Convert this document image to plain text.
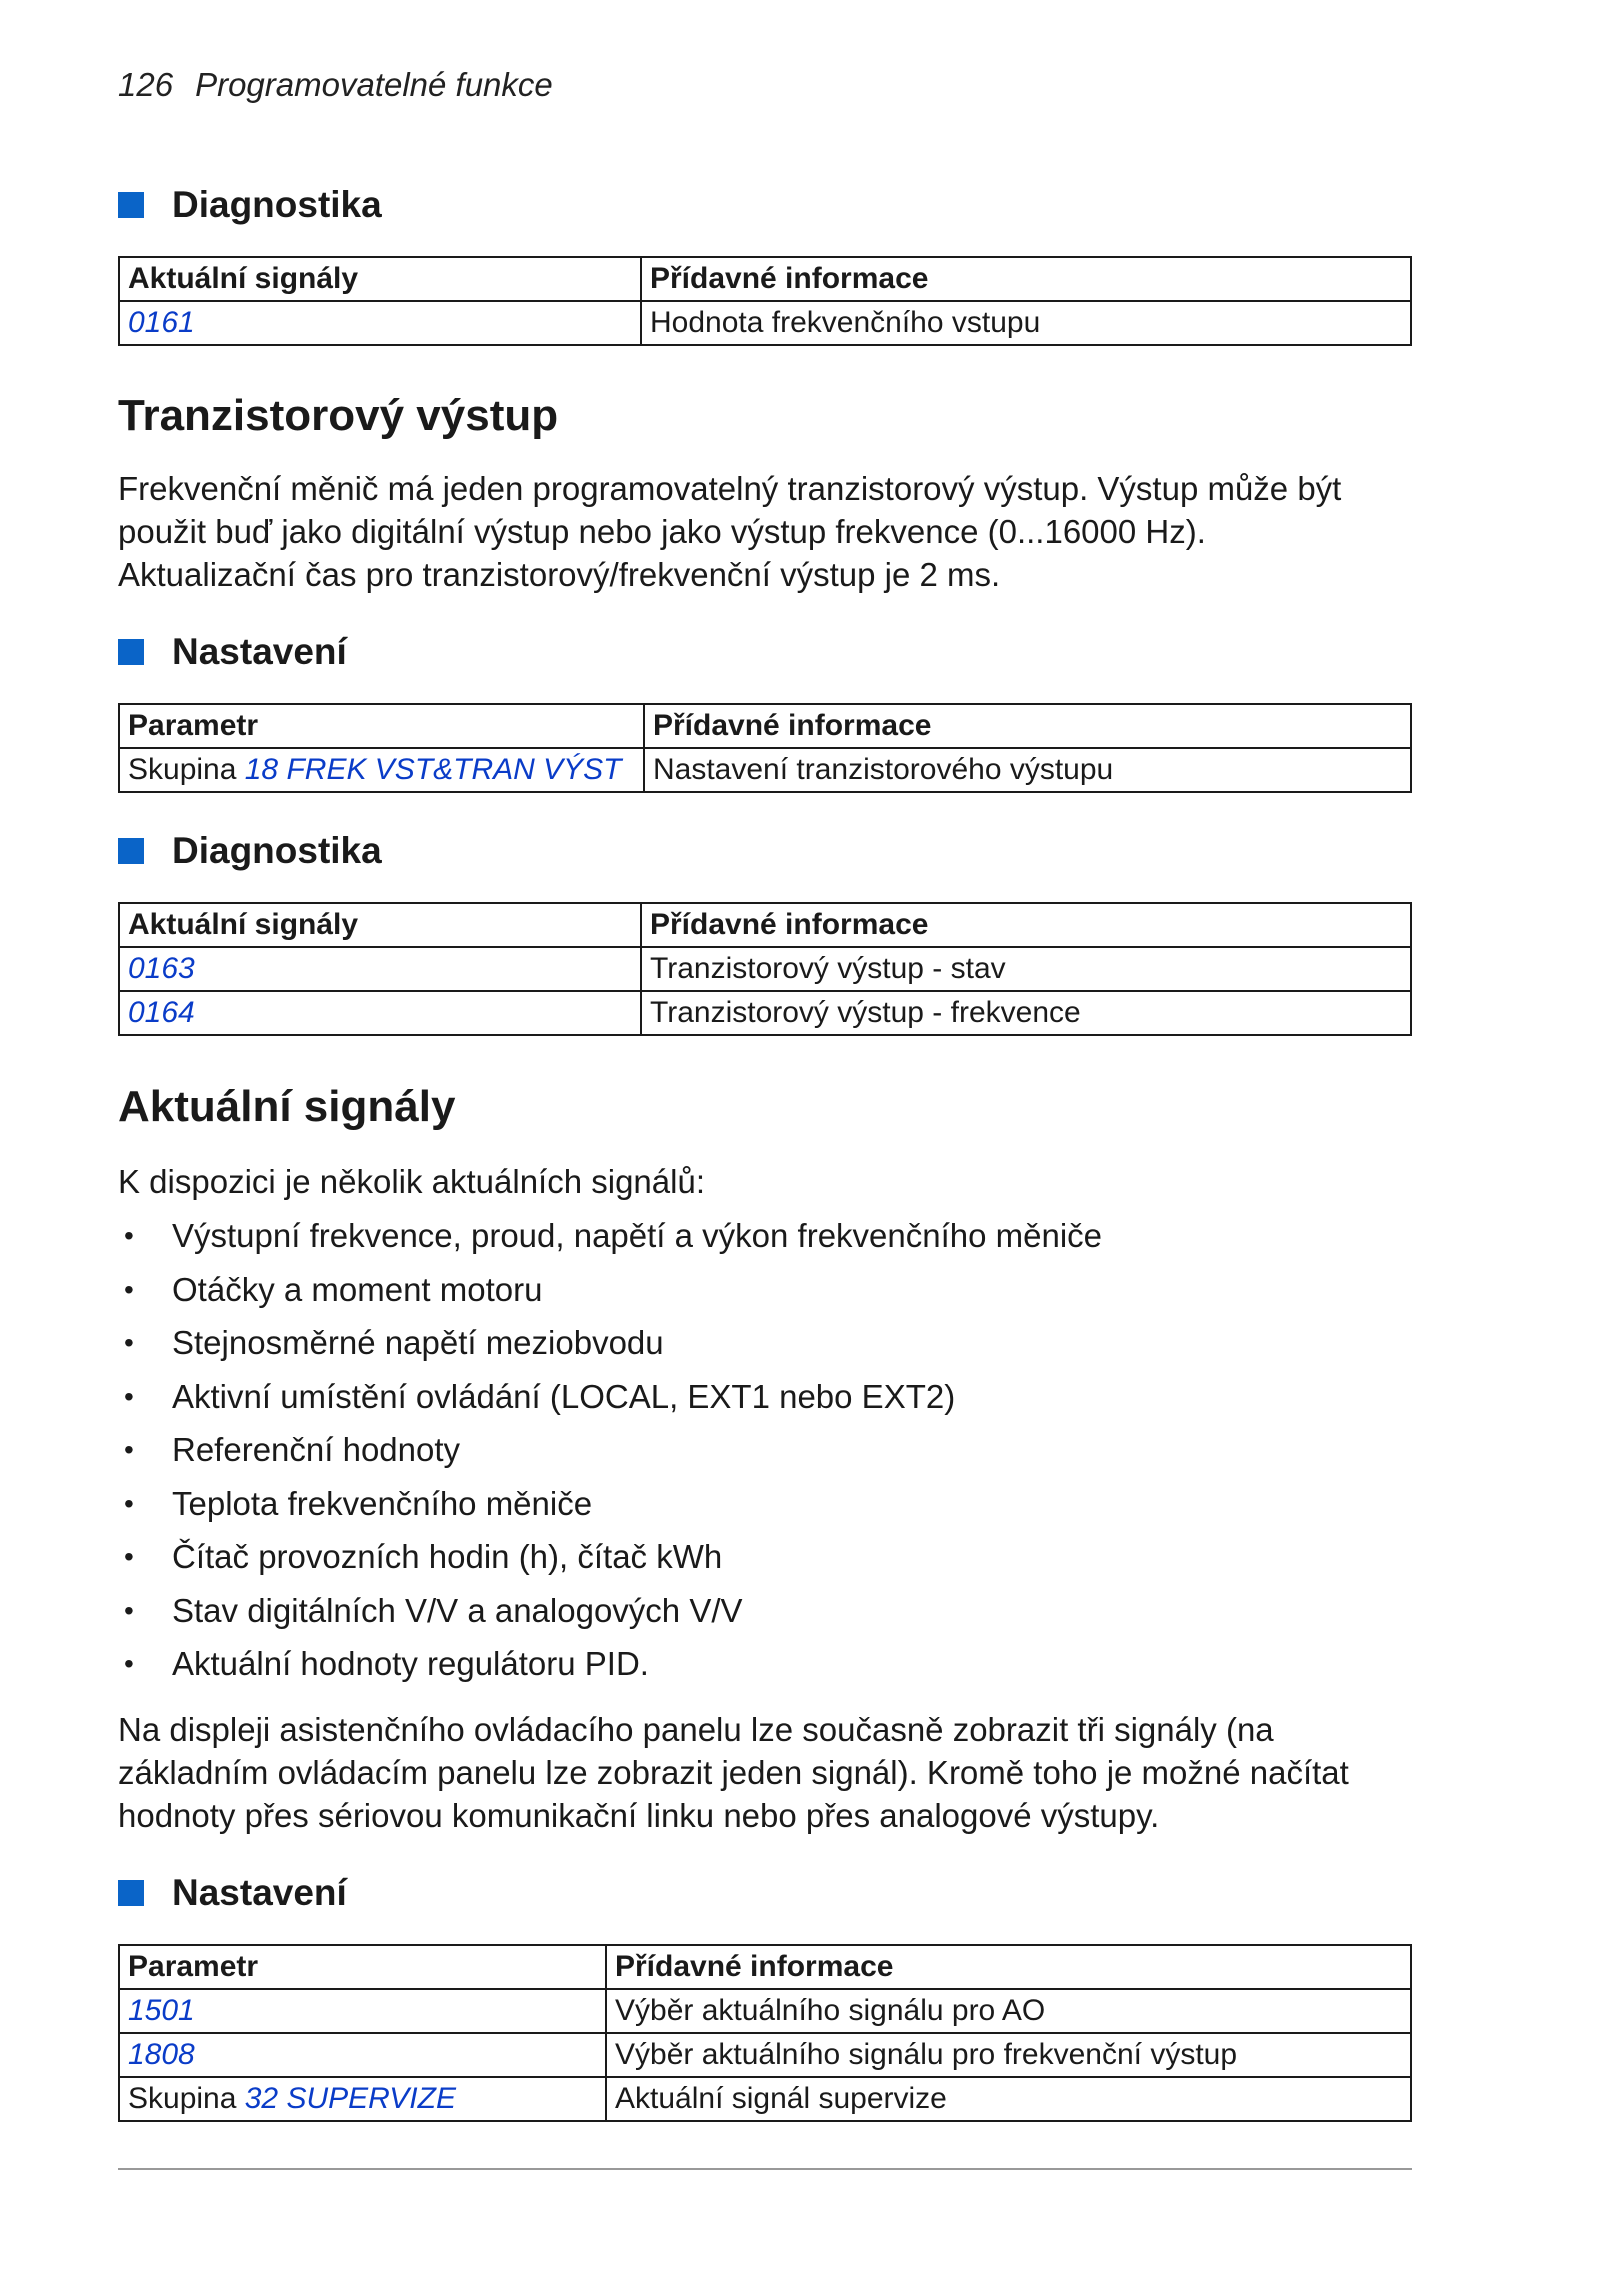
126 Programovatelné funkce
Diagnostika
Aktuální signály	Přídavné informace
0161	Hodnota frekvenčního vstupu
Tranzistorový výstup
Frekvenční měnič má jeden programovatelný tranzistorový výstup. Výstup může být
použit buď jako digitální výstup nebo jako výstup frekvence (0...16000 Hz).
Aktualizační čas pro tranzistorový/frekvenční výstup je 2 ms.
Nastavení
Parametr	Přídavné informace
Skupina 18 FREK VST&TRAN VÝST	Nastavení tranzistorového výstupu
Diagnostika
Aktuální signály	Přídavné informace
0163	Tranzistorový výstup - stav
0164	Tranzistorový výstup - frekvence
Aktuální signály
K dispozici je několik aktuálních signálů:
• Výstupní frekvence, proud, napětí a výkon frekvenčního měniče
• Otáčky a moment motoru
• Stejnosměrné napětí meziobvodu
• Aktivní umístění ovládání (LOCAL, EXT1 nebo EXT2)
• Referenční hodnoty
• Teplota frekvenčního měniče
• Čítač provozních hodin (h), čítač kWh
• Stav digitálních V/V a analogových V/V
• Aktuální hodnoty regulátoru PID.
Na displeji asistenčního ovládacího panelu lze současně zobrazit tři signály (na
základním ovládacím panelu lze zobrazit jeden signál). Kromě toho je možné načítat
hodnoty přes sériovou komunikační linku nebo přes analogové výstupy.
Nastavení
Parametr	Přídavné informace
1501	Výběr aktuálního signálu pro AO
1808	Výběr aktuálního signálu pro frekvenční výstup
Skupina 32 SUPERVIZE	Aktuální signál supervize
